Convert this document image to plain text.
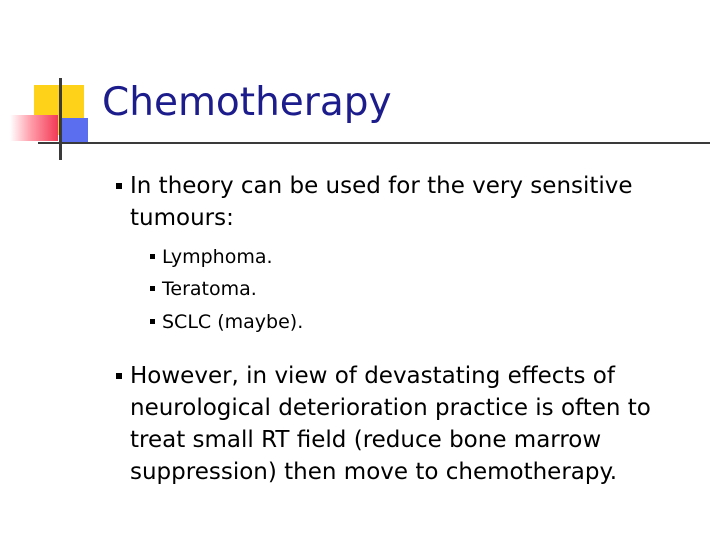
Chemotherapy
In theory can be used for the very sensitive tumours:
Lymphoma.
Teratoma.
SCLC (maybe).
However, in view of devastating effects of neurological deterioration practice is often to treat small RT field (reduce bone marrow suppression) then move to chemotherapy.
